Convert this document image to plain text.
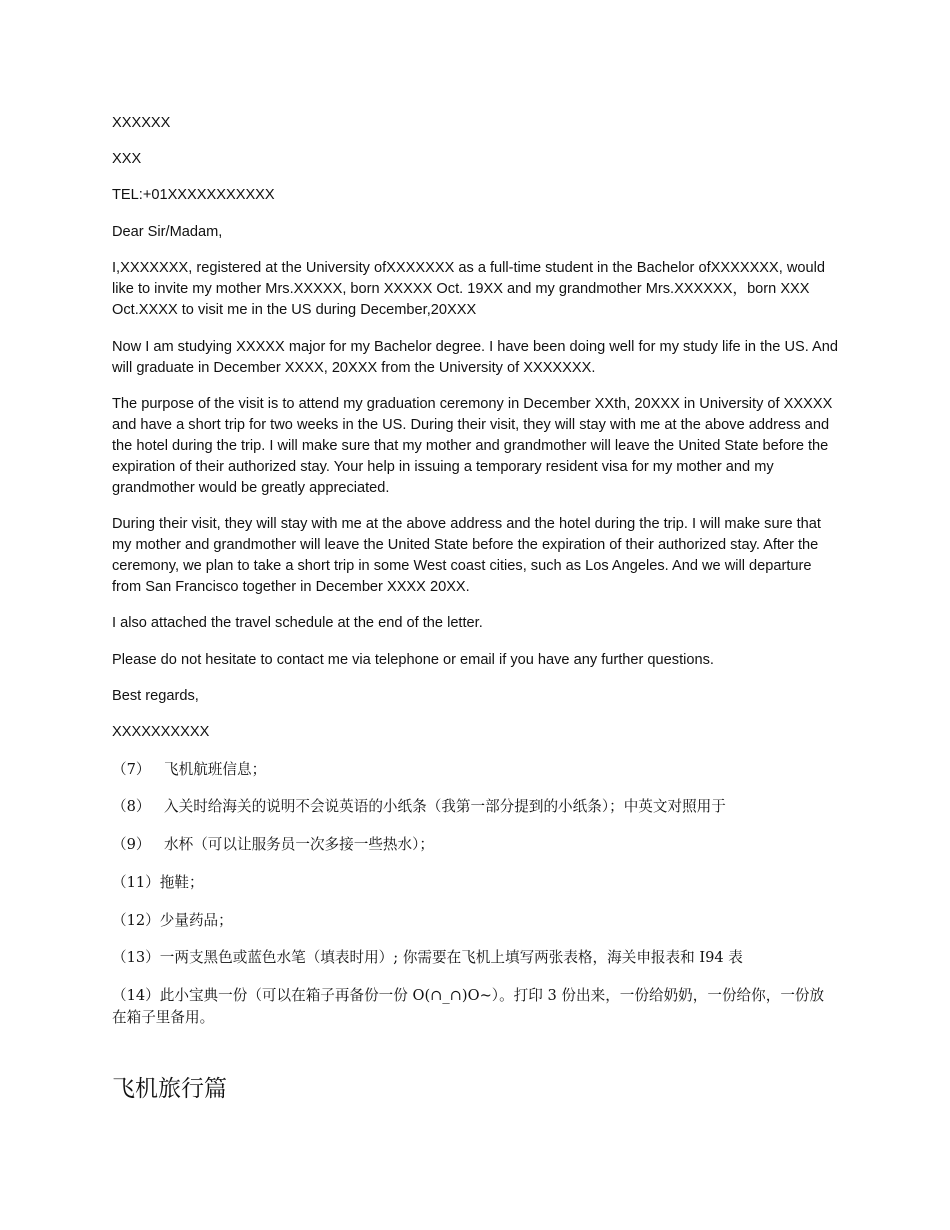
XXXXXX
XXX
TEL:+01XXXXXXXXXXX
Dear Sir/Madam,
I,XXXXXXX, registered at the University ofXXXXXXX as a full-time student in the Bachelor ofXXXXXXX, would like to invite my mother Mrs.XXXXX, born XXXXX Oct. 19XX and my grandmother Mrs.XXXXXX，born XXX Oct.XXXX to visit me in the US during December,20XXX
Now I am studying XXXXX major for my Bachelor degree. I have been doing well for my study life in the US. And will graduate in December XXXX, 20XXX from the University of XXXXXXX.
The purpose of the visit is to attend my graduation ceremony in December XXth, 20XXX in University of XXXXX and have a short trip for two weeks in the US. During their visit, they will stay with me at the above address and the hotel during the trip. I will make sure that my mother and grandmother will leave the United State before the expiration of their authorized stay. Your help in issuing a temporary resident visa for my mother and my grandmother would be greatly appreciated.
During their visit, they will stay with me at the above address and the hotel during the trip. I will make sure that my mother and grandmother will leave the United State before the expiration of their authorized stay. After the ceremony, we plan to take a short trip in some West coast cities, such as Los Angeles. And we will departure from San Francisco together in December XXXX 20XX.
I also attached the travel schedule at the end of the letter.
Please do not hesitate to contact me via telephone or email if you have any further questions.
Best regards,
XXXXXXXXXX
（7） 飞机航班信息；
（8） 入关时给海关的说明不会说英语的小纸条（我第一部分提到的小纸条）；中英文对照用于
（9） 水杯（可以让服务员一次多接一些热水）；
（11）拖鞋；
（12）少量药品；
（13）一两支黑色或蓝色水笔（填表时用）; 你需要在飞机上填写两张表格，海关申报表和 I94 表
（14）此小宝典一份（可以在箱子再备份一份 O(∩_∩)O~）。打印 3 份出来，一份给奶奶，一份给你，一份放在箱子里备用。
飞机旅行篇
